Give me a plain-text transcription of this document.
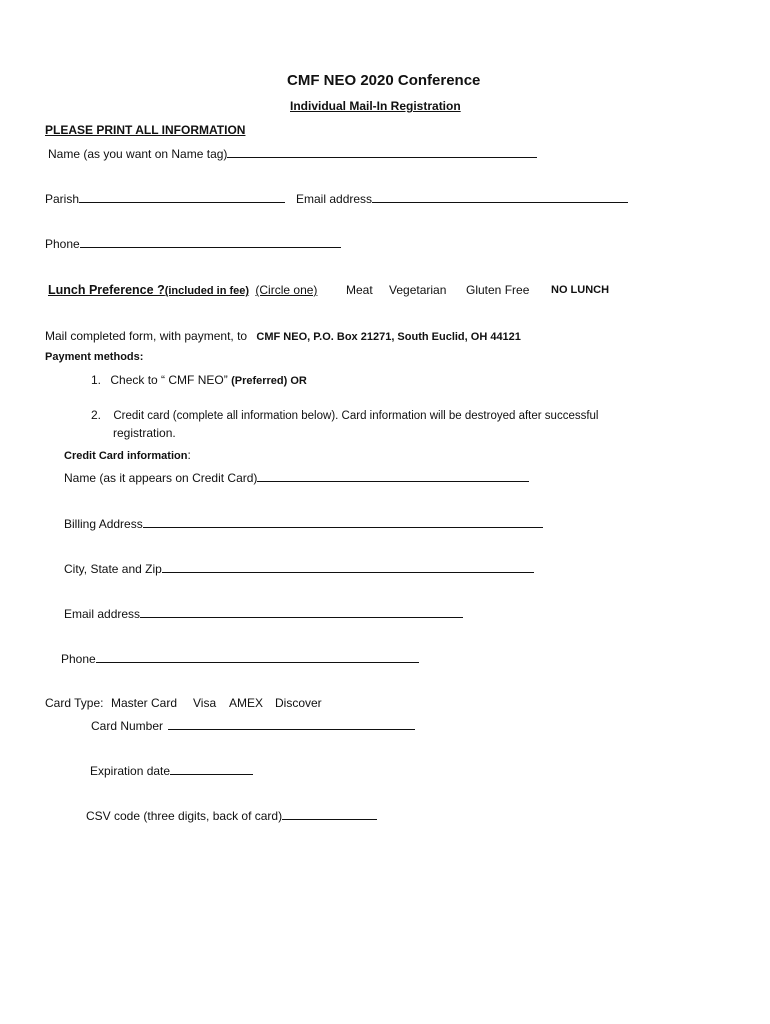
CMF NEO 2020 Conference
Individual Mail-In Registration
PLEASE PRINT ALL INFORMATION
Name (as you want on Name tag)
Parish	Email address
Phone
Lunch Preference ?(included in fee) (Circle one)	Meat Vegetarian Gluten Free NO LUNCH
Mail completed form, with payment, to CMF NEO, P.O. Box 21271, South Euclid, OH 44121
Payment methods:
1. Check to “ CMF NEO” (Preferred) OR
2. Credit card (complete all information below). Card information will be destroyed after successful
registration.
Credit Card information:
Name (as it appears on Credit Card)
Billing Address
City, State and Zip
Email address
Phone
Card Type: Master Card Visa AMEX Discover
Card Number
Expiration date
CSV code (three digits, back of card)
